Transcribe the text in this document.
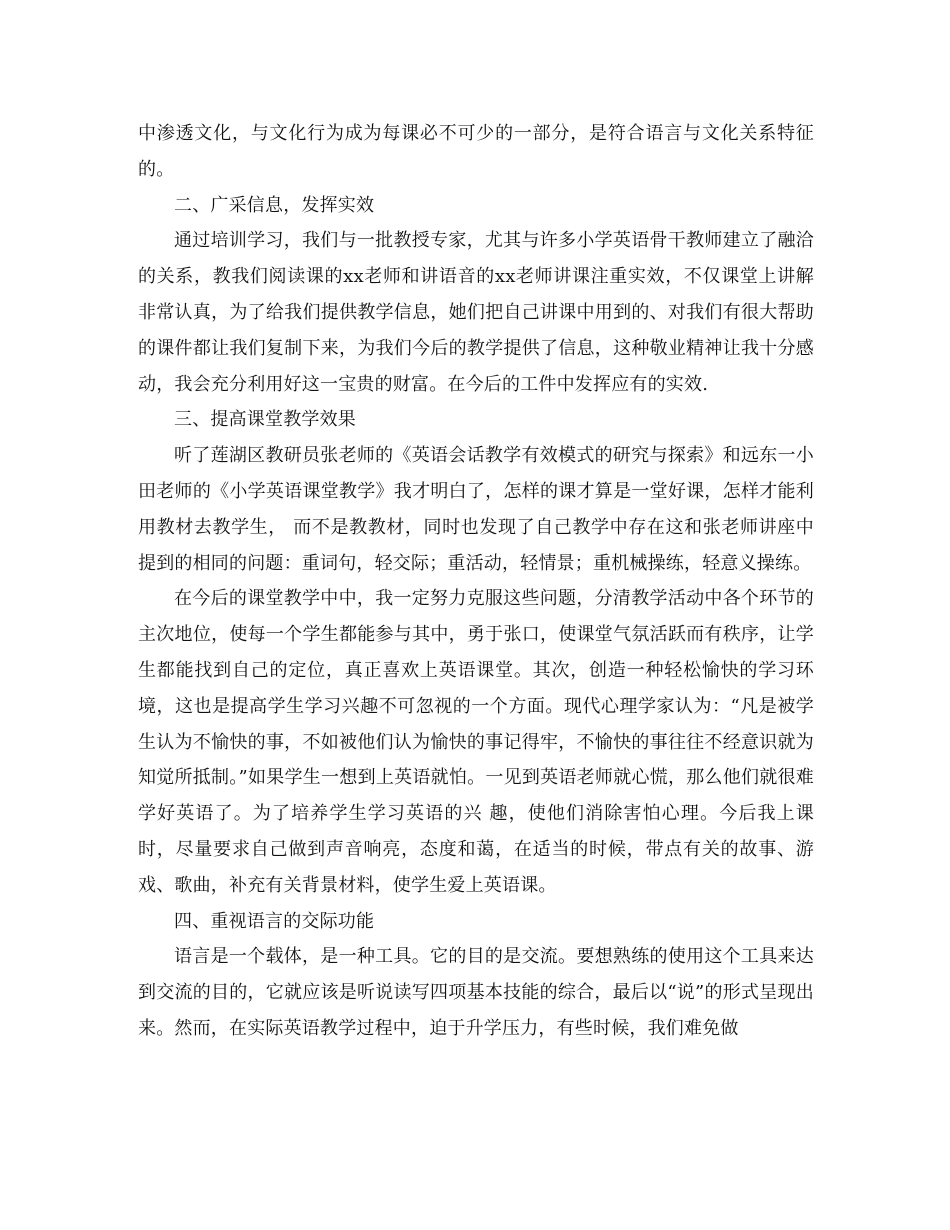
中渗透文化，与文化行为成为每课必不可少的一部分，是符合语言与文化关系特征的。

二、广采信息，发挥实效

通过培训学习，我们与一批教授专家，尤其与许多小学英语骨干教师建立了融洽的关系，教我们阅读课的xx老师和讲语音的xx老师讲课注重实效，不仅课堂上讲解非常认真，为了给我们提供教学信息，她们把自己讲课中用到的、对我们有很大帮助的课件都让我们复制下来，为我们今后的教学提供了信息，这种敬业精神让我十分感动，我会充分利用好这一宝贵的财富。在今后的工件中发挥应有的实效.

三、提高课堂教学效果

听了莲湖区教研员张老师的《英语会话教学有效模式的研究与探索》和远东一小田老师的《小学英语课堂教学》我才明白了，怎样的课才算是一堂好课，怎样才能利用教材去教学生， 而不是教教材，同时也发现了自己教学中存在这和张老师讲座中提到的相同的问题：重词句，轻交际；重活动，轻情景；重机械操练，轻意义操练。

在今后的课堂教学中中，我一定努力克服这些问题，分清教学活动中各个环节的主次地位，使每一个学生都能参与其中，勇于张口，使课堂气氛活跃而有秩序，让学生都能找到自己的定位，真正喜欢上英语课堂。其次，创造一种轻松愉快的学习环境，这也是提高学生学习兴趣不可忽视的一个方面。现代心理学家认为：“凡是被学生认为不愉快的事，不如被他们认为愉快的事记得牢，不愉快的事往往不经意识就为知觉所抵制。”如果学生一想到上英语就怕。一见到英语老师就心慌，那么他们就很难学好英语了。为了培养学生学习英语的兴 趣，使他们消除害怕心理。今后我上课时，尽量要求自己做到声音响亮，态度和蔼，在适当的时候，带点有关的故事、游戏、歌曲，补充有关背景材料，使学生爱上英语课。

四、重视语言的交际功能

语言是一个载体，是一种工具。它的目的是交流。要想熟练的使用这个工具来达到交流的目的，它就应该是听说读写四项基本技能的综合，最后以“说”的形式呈现出来。然而，在实际英语教学过程中，迫于升学压力，有些时候，我们难免做
